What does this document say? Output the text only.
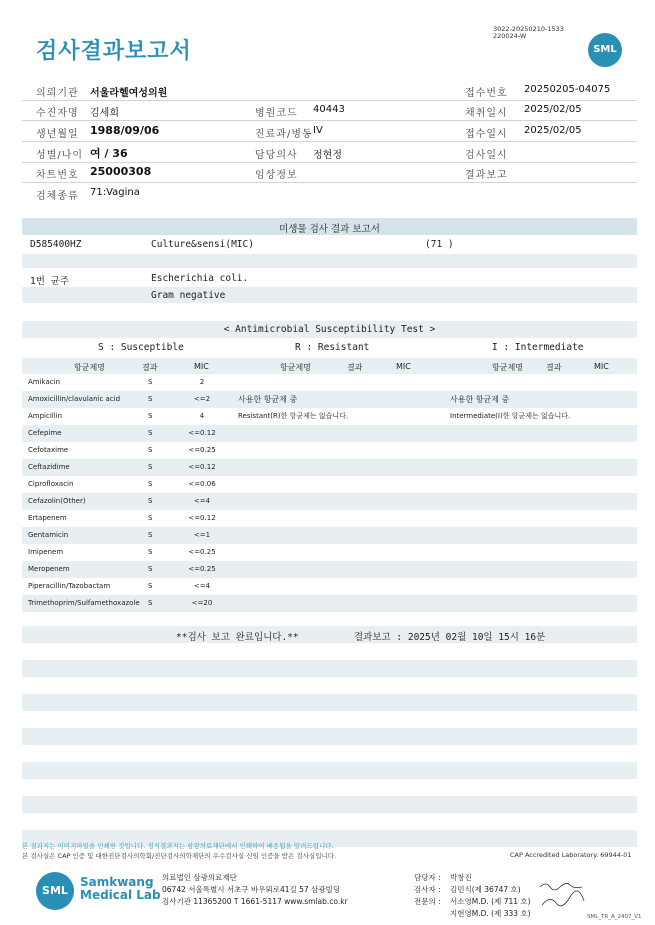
검사결과보고서
3022-20250210-1533
220024-W
SML
의뢰기관 서울라헬여성의원	접수번호 20250205-04075
수진자명 김세희	병원코드 40443	채취일시 2025/02/05
생년월일 1988/09/06	진료과/병동 IV	접수일시 2025/02/05
성별/나이 여 / 36	담당의사 정현정	검사일시
차트번호 25000308	임상정보	결과보고
검체종류 71:Vagina
미생물 검사 결과 보고서
D585400HZ	Culture&sensi(MIC)	(71 )
1번 균주	Escherichia coli.
Gram negative
< Antimicrobial Susceptibility Test >
S : Susceptible	R : Resistant	I : Intermediate
항균제명	결과	MIC	항균제명	결과	MIC	항균제명	결과	MIC
Amikacin	S	2
Amoxicillin/clavulanic acid	S	<=2
Ampicillin	S	4
Cefepime	S	<=0.12
Cefotaxime	S	<=0.25
Ceftazidime	S	<=0.12
Ciprofloxacin	S	<=0.06
Cefazolin(Other)	S	<=4
Ertapenem	S	<=0.12
Gentamicin	S	<=1
Imipenem	S	<=0.25
Meropenem	S	<=0.25
Piperacillin/Tazobactam	S	<=4
Trimethoprim/Sulfamethoxazole S	<=20
사용한 항균제 중
Resistant(R)한 항균제는 없습니다.
사용한 항균제 중
Intermediate(I)한 항균제는 없습니다.
**검사 보고 완료입니다.**	결과보고 : 2025년 02월 10일 15시 16분
본 결과지는 이미지파일을 인쇄한 것입니다. 정식결과지는 삼광의료재단에서 인쇄하여 배송됨을 알려드립니다.
본 검사실은 CAP 인증 및 대한진단검사의학회/진단검사의학재단의 우수검사실 신임 인증을 받은 검사실입니다.	CAP Accredited Laboratory. 69944-01
SML
Samkwang
Medical Lab
의료법인 삼광의료재단
06742 서울특별시 서초구 바우뫼로41길 57 삼광빌딩
검사기관 11365200 T 1661-5117 www.smlab.co.kr
담당자 : 박창진
검사자 : 김민식(제 36747 호)
전문의 : 서소영M.D. (제 711 호)
지현영M.D. (제 333 호)	SML_TR_A_2407_V1
